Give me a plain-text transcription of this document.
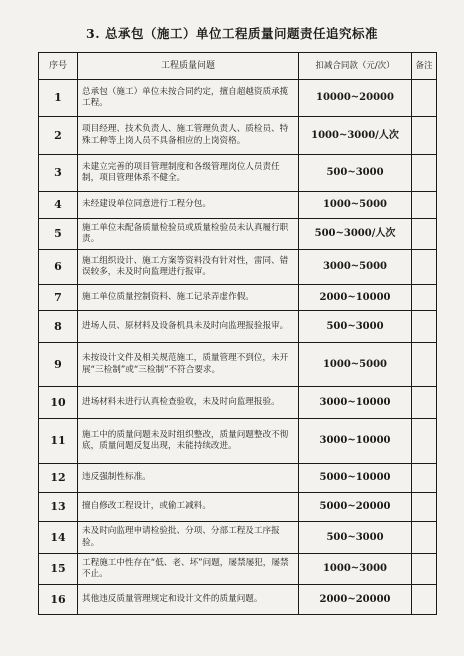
3. 总承包（施工）单位工程质量问题责任追究标准
序号	工程质量问题	扣减合同款（元/次）	备注
1	总承包（施工）单位未按合同约定，擅自超越资质承揽工程。	10000~20000	
2	项目经理、技术负责人、施工管理负责人、质检员、特殊工种等上岗人员不具备相应的上岗资格。	1000~3000/人次	
3	未建立完善的项目管理制度和各级管理岗位人员责任制，项目管理体系不健全。	500~3000	
4	未经建设单位同意进行工程分包。	1000~5000	
5	施工单位未配备质量检验员或质量检验员未认真履行职责。	500~3000/人次	
6	施工组织设计、施工方案等资料没有针对性，雷同、错误较多，未及时向监理进行报审。	3000~5000	
7	施工单位质量控制资料、施工记录弄虚作假。	2000~10000	
8	进场人员、原材料及设备机具未及时向监理报验报审。	500~3000	
9	未按设计文件及相关规范施工，质量管理不到位，未开展“三检制”或“三检制”不符合要求。	1000~5000	
10	进场材料未进行认真检查验收，未及时向监理报验。	3000~10000	
11	施工中的质量问题未及时组织整改，质量问题整改不彻底，质量问题反复出现，未能持续改进。	3000~10000	
12	违反强制性标准。	5000~10000	
13	擅自修改工程设计，或偷工减料。	5000~20000	
14	未及时向监理申请检验批、分项、分部工程及工序报验。	500~3000	
15	工程施工中性存在“低、老、坏”问题，屡禁屡犯，屡禁不止。	1000~3000	
16	其他违反质量管理规定和设计文件的质量问题。	2000~20000	
